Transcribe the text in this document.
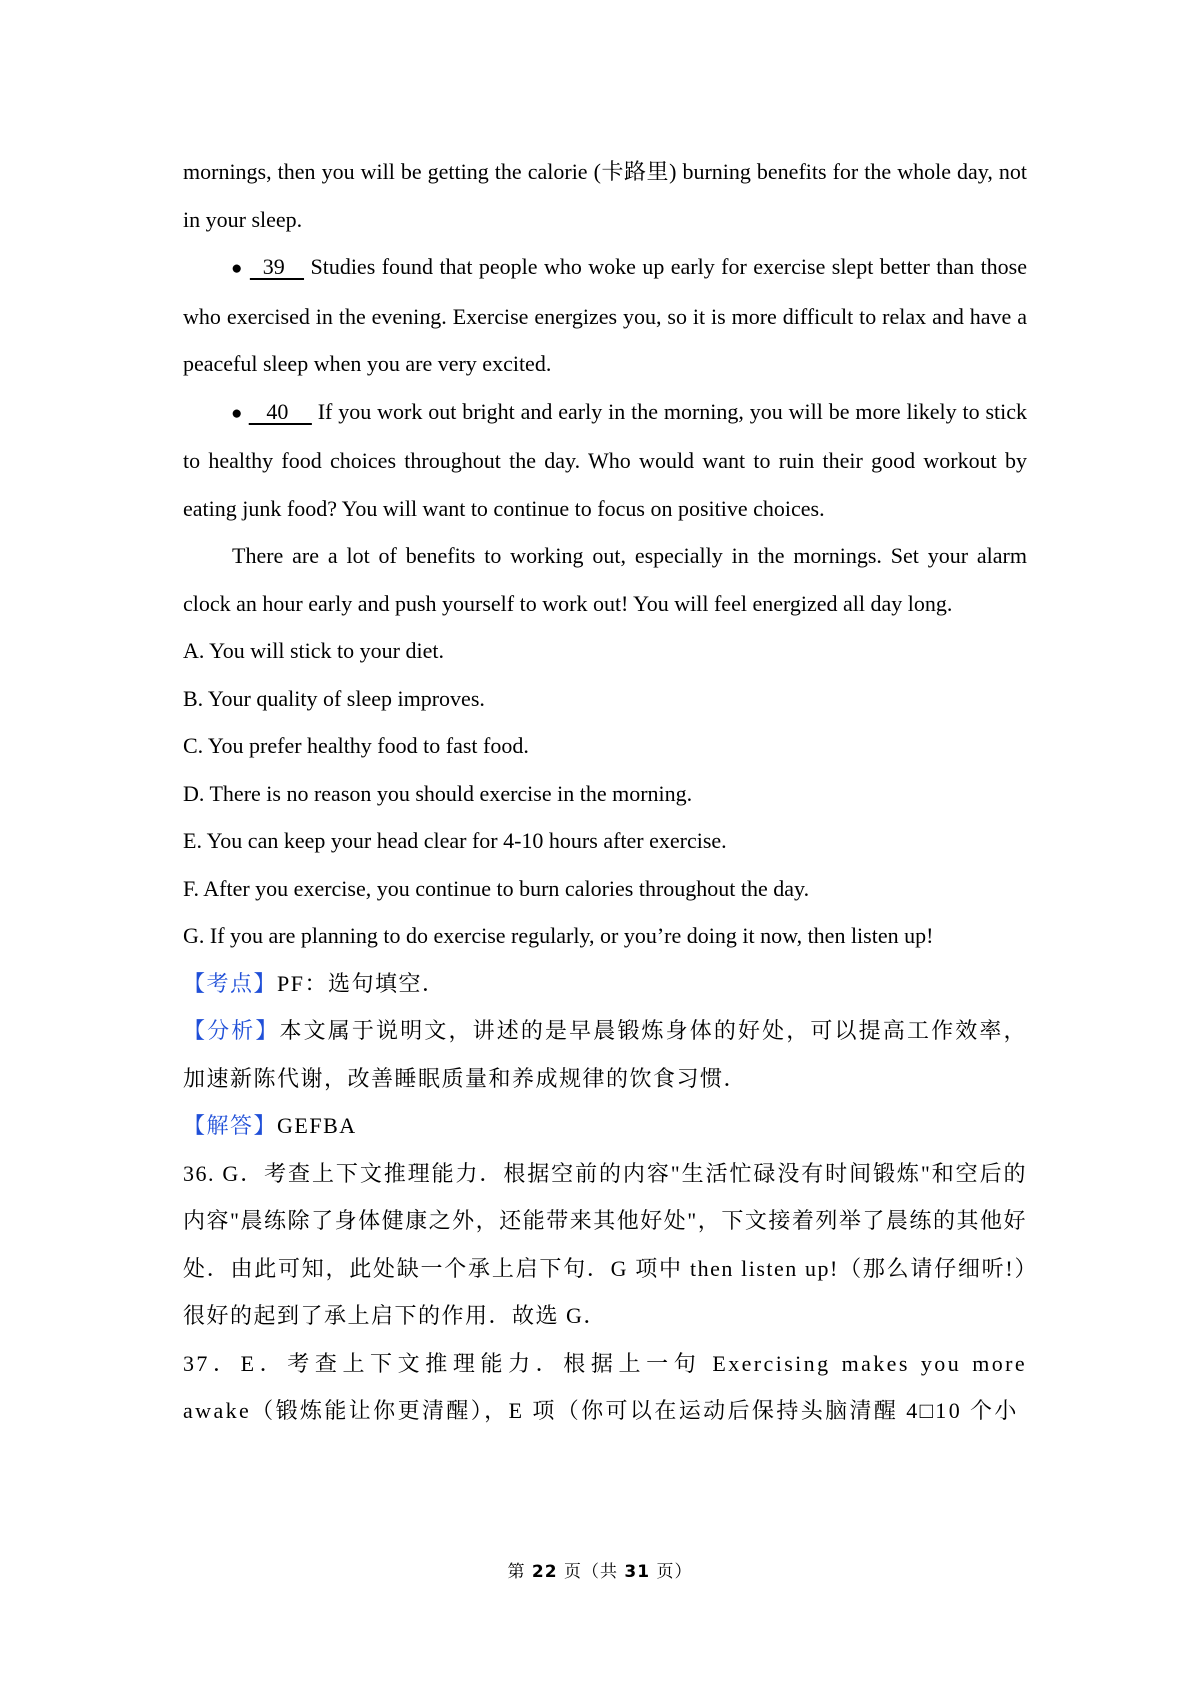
mornings, then you will be getting the calorie (卡路里) burning benefits for the whole day, not in your sleep.

●   39    Studies found that people who woke up early for exercise slept better than those who exercised in the evening. Exercise energizes you, so it is more difficult to relax and have a peaceful sleep when you are very excited.

●    40     If you work out bright and early in the morning, you will be more likely to stick to healthy food choices throughout the day. Who would want to ruin their good workout by eating junk food? You will want to continue to focus on positive choices.

There are a lot of benefits to working out, especially in the mornings. Set your alarm clock an hour early and push yourself to work out! You will feel energized all day long.

A. You will stick to your diet.

B. Your quality of sleep improves.

C. You prefer healthy food to fast food.

D. There is no reason you should exercise in the morning.

E. You can keep your head clear for 4-10 hours after exercise.

F. After you exercise, you continue to burn calories throughout the day.

G. If you are planning to do exercise regularly, or you’re doing it now, then listen up!

【考点】PF：选句填空．

【分析】本文属于说明文，讲述的是早晨锻炼身体的好处，可以提高工作效率，加速新陈代谢，改善睡眠质量和养成规律的饮食习惯．

【解答】GEFBA

36. G．考查上下文推理能力．根据空前的内容"生活忙碌没有时间锻炼"和空后的内容"晨练除了身体健康之外，还能带来其他好处"，下文接着列举了晨练的其他好处．由此可知，此处缺一个承上启下句．G 项中 then listen up!（那么请仔细听!）很好的起到了承上启下的作用．故选 G．

37．E．考查上下文推理能力．根据上一句 Exercising makes you more awake（锻炼能让你更清醒），E 项（你可以在运动后保持头脑清醒 4□10 个小

第 22 页（共 31 页）
